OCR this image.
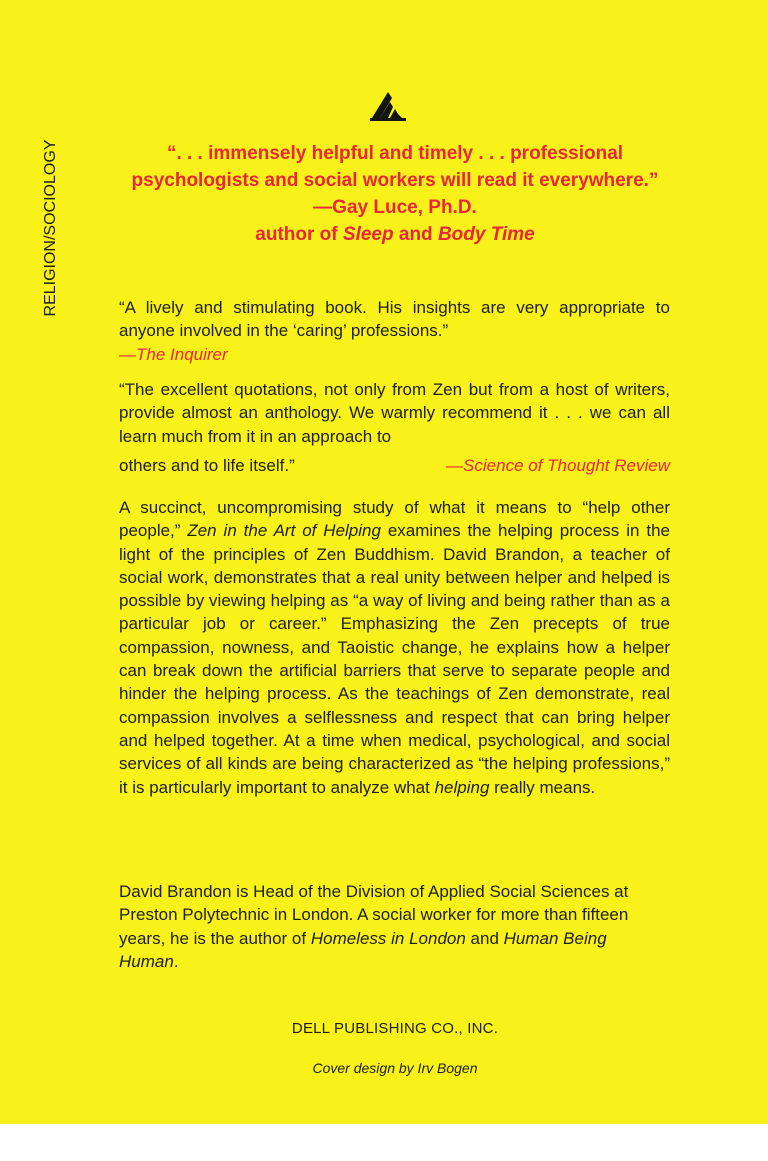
RELIGION/SOCIOLOGY	“. . . immensely helpful and timely . . . professional
psychologists and social workers will read it everywhere.”
—Gay Luce, Ph.D.
author of Sleep and Body Time

“A lively and stimulating book. His insights are very appropriate to anyone involved in the ‘caring’ professions.”

—The Inquirer

“The excellent quotations, not only from Zen but from a host of writers, provide almost an anthology. We warmly recommend it . . . we can all learn much from it in an approach to

others and to life itself.”	—Science of Thought Review

A succinct, uncompromising study of what it means to “help other people,” Zen in the Art of Helping examines the helping process in the light of the principles of Zen Buddhism. David Brandon, a teacher of social work, demonstrates that a real unity between helper and helped is possible by viewing helping as “a way of living and being rather than as a particular job or career.” Emphasizing the Zen precepts of true compassion, nowness, and Taoistic change, he explains how a helper can break down the artificial barriers that serve to separate people and hinder the helping process. As the teachings of Zen demonstrate, real compassion involves a selflessness and respect that can bring helper and helped together. At a time when medical, psychological, and social services of all kinds are being characterized as “the helping professions,” it is particularly important to analyze what helping really means.

David Brandon is Head of the Division of Applied Social Sciences at Preston Polytechnic in London. A social worker for more than fifteen years, he is the author of Homeless in London and Human Being Human.

DELL PUBLISHING CO., INC.
Cover design by Irv Bogen
